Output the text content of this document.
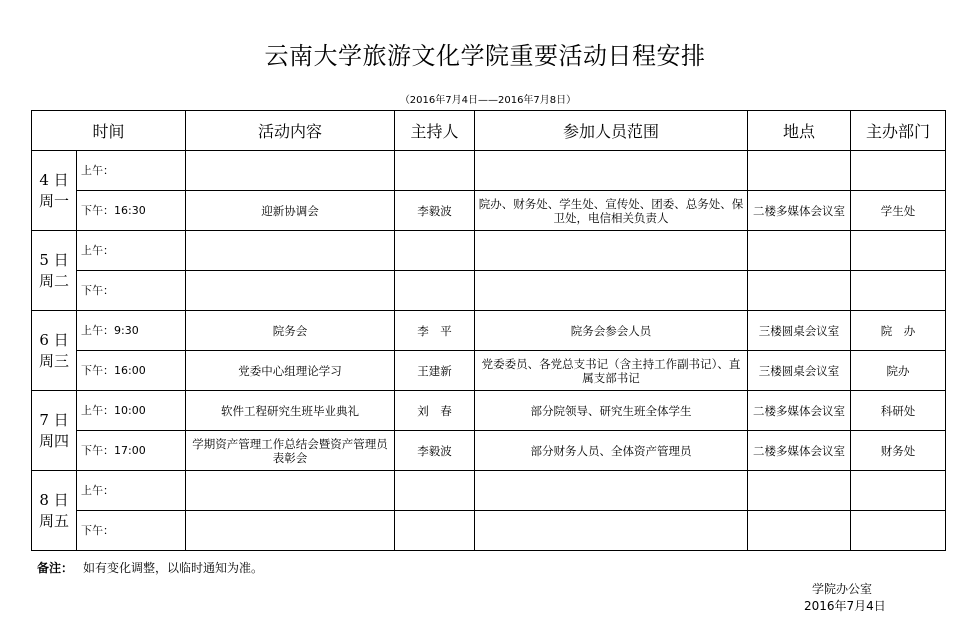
云南大学旅游文化学院重要活动日程安排
（2016年7月4日——2016年7月8日）
时间		活动内容	主持人	参加人员范围	地点	主办部门
4 日
周一	上午：					
	下午：16:30	迎新协调会	李毅波	院办、财务处、学生处、宣传处、团委、总务处、保卫处，电信相关负责人	二楼多媒体会议室	学生处
5 日
周二	上午：					
	下午：					
6 日
周三	上午：9:30	院务会	李　平	院务会参会人员	三楼圆桌会议室	院　办
	下午：16:00	党委中心组理论学习	王建新	党委委员、各党总支书记（含主持工作副书记）、直属支部书记	三楼圆桌会议室	院办
7 日
周四	上午：10:00	软件工程研究生班毕业典礼	刘　春	部分院领导、研究生班全体学生	二楼多媒体会议室	科研处
	下午：17:00	学期资产管理工作总结会暨资产管理员表彰会	李毅波	部分财务人员、全体资产管理员	二楼多媒体会议室	财务处
8 日
周五	上午：					
	下午：					
备注： 如有变化调整，以临时通知为准。
学院办公室
2016年7月4日
